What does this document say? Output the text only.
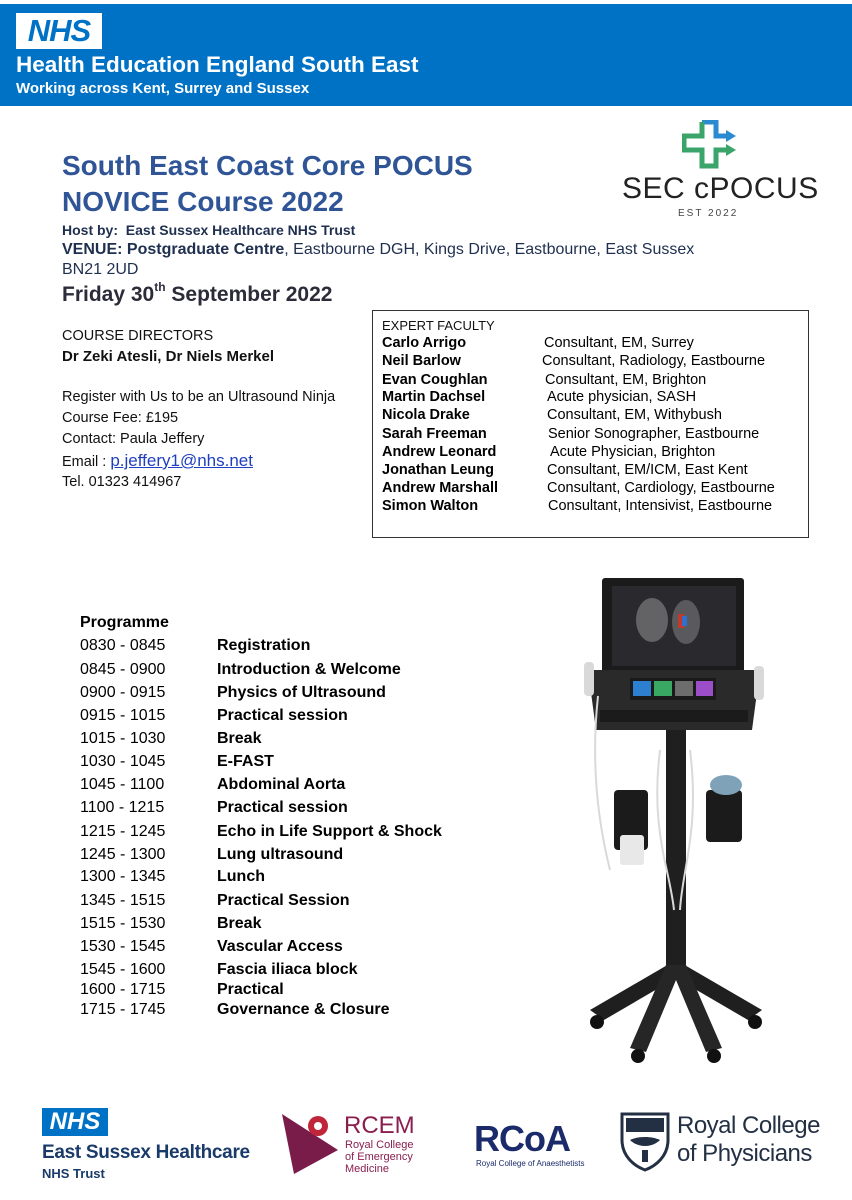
NHS
Health Education England South East
Working across Kent, Surrey and Sussex
South East Coast Core POCUS
NOVICE Course 2022
Host by: East Sussex Healthcare NHS Trust
VENUE: Postgraduate Centre, Eastbourne DGH, Kings Drive, Eastbourne, East Sussex
BN21 2UD
Friday 30th September 2022
SEC cPOCUS
EST 2022
COURSE DIRECTORS
Dr Zeki Atesli, Dr Niels Merkel
Register with Us to be an Ultrasound Ninja
Course Fee: £195
Contact: Paula Jeffery
Email : p.jeffery1@nhs.net
Tel. 01323 414967
EXPERT FACULTY
Carlo Arrigo	Consultant, EM, Surrey
Neil Barlow	Consultant, Radiology, Eastbourne
Evan Coughlan	Consultant, EM, Brighton
Martin Dachsel	Acute physician, SASH
Nicola Drake	Consultant, EM, Withybush
Sarah Freeman	Senior Sonographer, Eastbourne
Andrew Leonard	Acute Physician, Brighton
Jonathan Leung	Consultant, EM/ICM, East Kent
Andrew Marshall	Consultant, Cardiology, Eastbourne
Simon Walton	Consultant, Intensivist, Eastbourne
Programme
0830 - 0845	Registration
0845 - 0900	Introduction & Welcome
0900 - 0915	Physics of Ultrasound
0915 - 1015	Practical session
1015 - 1030	Break
1030 - 1045	E-FAST
1045 - 1100	Abdominal Aorta
1100 - 1215	Practical session
1215 - 1245	Echo in Life Support & Shock
1245 - 1300	Lung ultrasound
1300 - 1345	Lunch
1345 - 1515	Practical Session
1515 - 1530	Break
1530 - 1545	Vascular Access
1545 - 1600	Fascia iliaca block
1600 - 1715	Practical
1715 - 1745	Governance & Closure
NHS
East Sussex Healthcare
NHS Trust
RCEM
Royal College
of Emergency
Medicine
RCoA
Royal College of Anaesthetists
Royal College
of Physicians
